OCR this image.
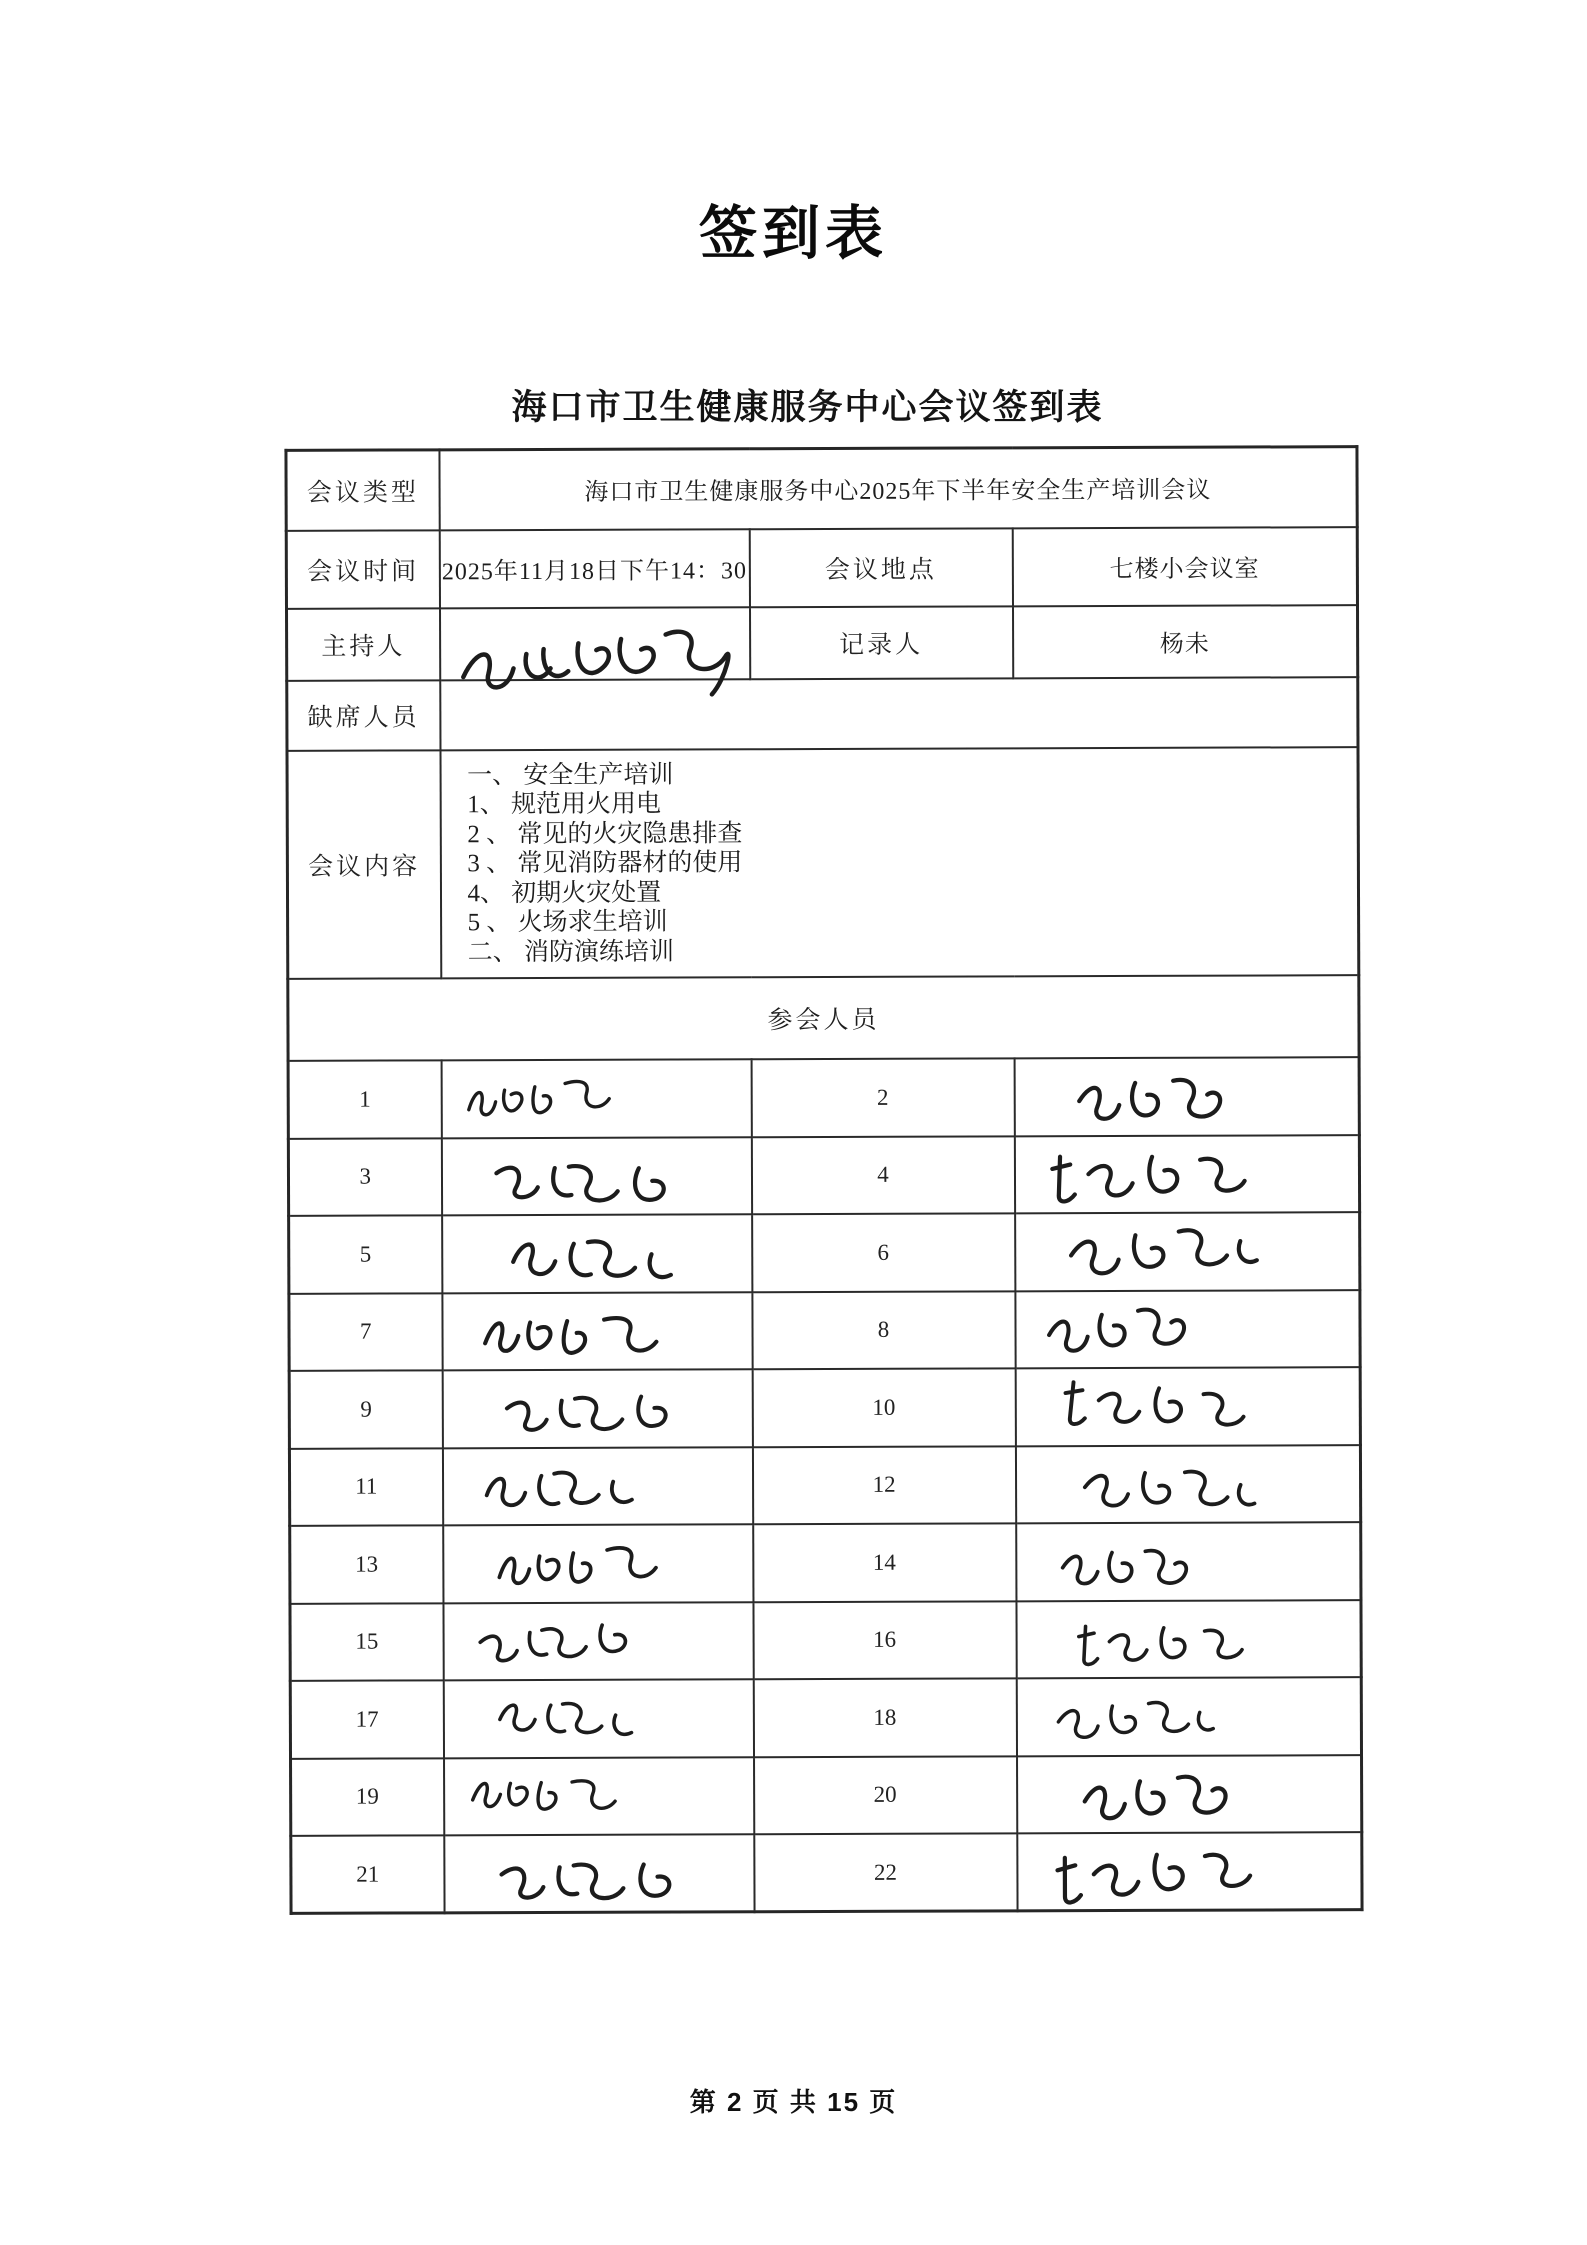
签到表
海口市卫生健康服务中心会议签到表
会议类型	海口市卫生健康服务中心2025年下半年安全生产培训会议		
会议时间	2025年11月18日下午14：30	会议地点	七楼小会议室
主持人		记录人	杨未
缺席人员			
会议内容	
一、 安全生产培训
1、 规范用火用电
2 、 常见的火灾隐患排查
3 、 常见消防器材的使用
4、 初期火灾处置
5 、 火场求生培训
二、 消防演练培训

参会人员			
1		2	

3		4	

5		6	

7		8	

9		10	

11		12	

13		14	

15		16	

17		18	

19		20	

21		22	
第 2 页 共 15 页
